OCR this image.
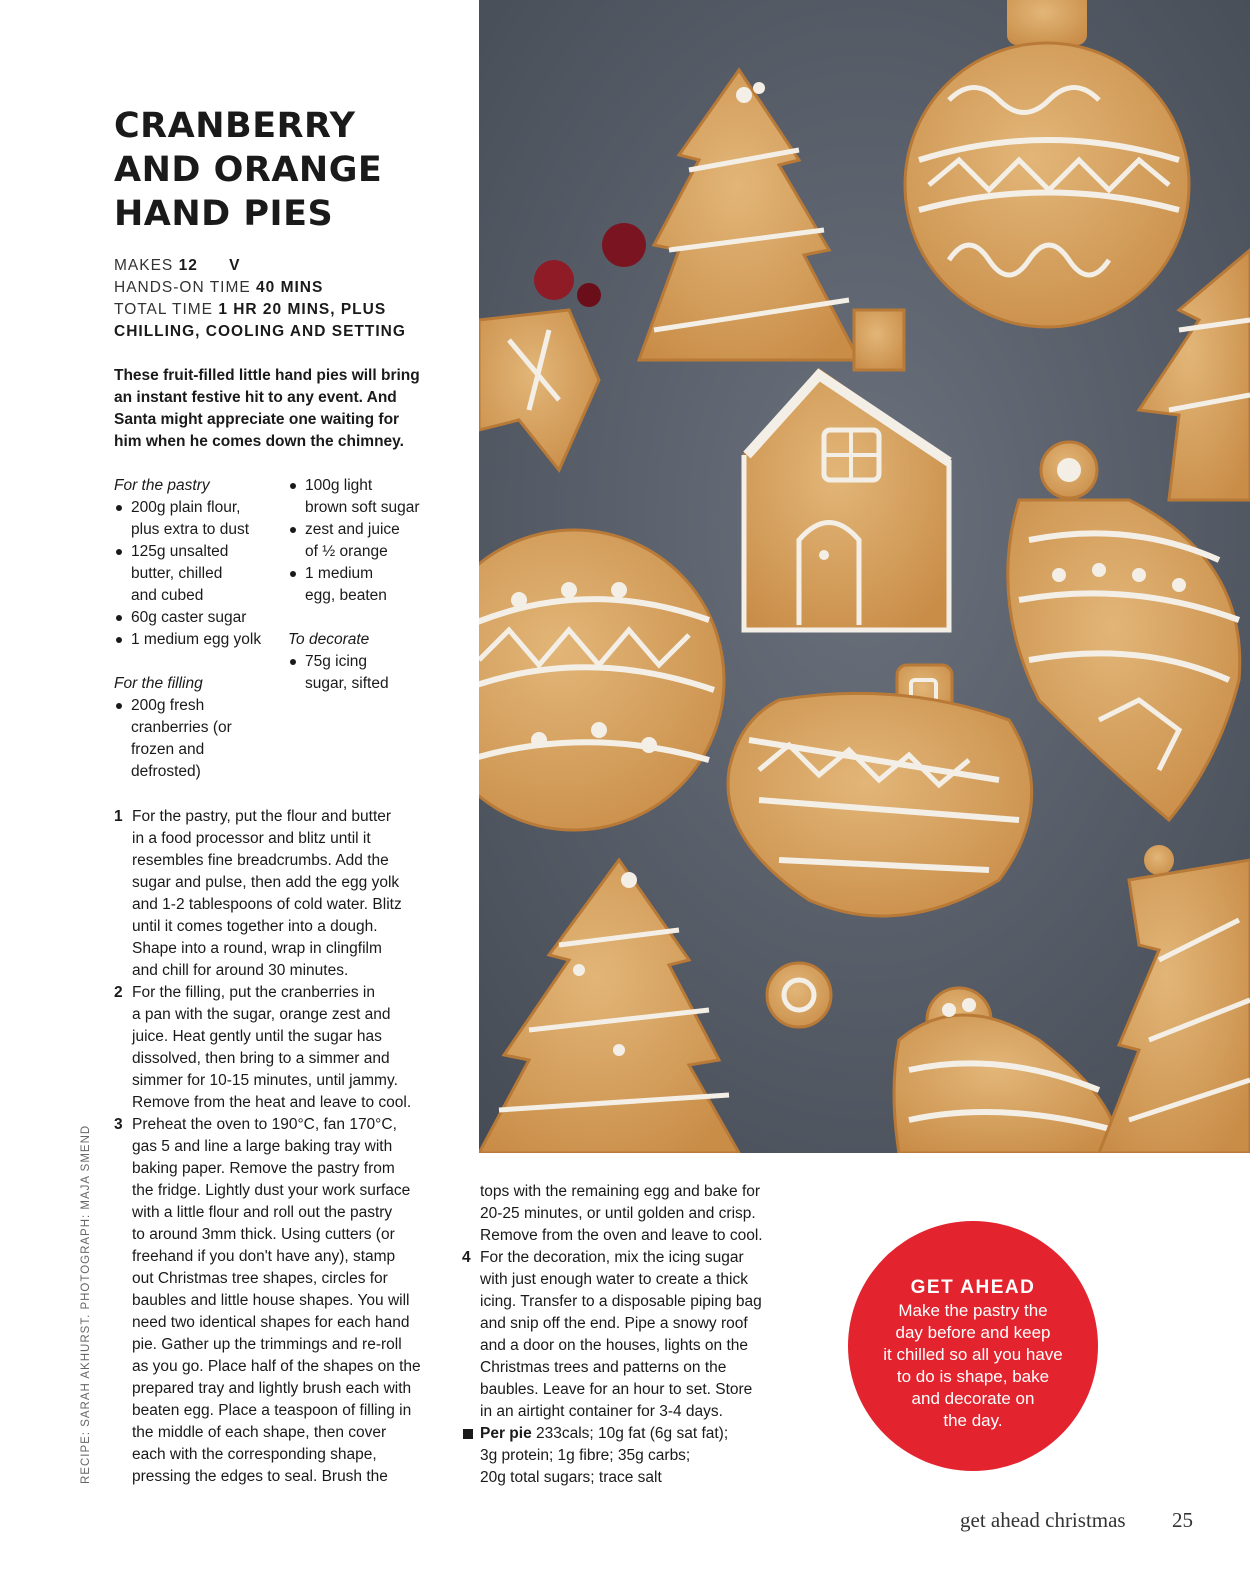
CRANBERRY
AND ORANGE
HAND PIES
MAKES 12 V
HANDS-ON TIME 40 MINS
TOTAL TIME 1 HR 20 MINS, PLUS
CHILLING, COOLING AND SETTING
These fruit-filled little hand pies will bring
an instant festive hit to any event. And
Santa might appreciate one waiting for
him when he comes down the chimney.
For the pastry
200g plain flour,
plus extra to dust
125g unsalted
butter, chilled
and cubed
60g caster sugar
1 medium egg yolk
For the filling
200g fresh
cranberries (or
frozen and
defrosted)
100g light
brown soft sugar
zest and juice
of ½ orange
1 medium
egg, beaten
To decorate
75g icing
sugar, sifted
1 For the pastry, put the flour and butter
in a food processor and blitz until it
resembles fine breadcrumbs. Add the
sugar and pulse, then add the egg yolk
and 1-2 tablespoons of cold water. Blitz
until it comes together into a dough.
Shape into a round, wrap in clingfilm
and chill for around 30 minutes.
2 For the filling, put the cranberries in
a pan with the sugar, orange zest and
juice. Heat gently until the sugar has
dissolved, then bring to a simmer and
simmer for 10-15 minutes, until jammy.
Remove from the heat and leave to cool.
3 Preheat the oven to 190°C, fan 170°C,
gas 5 and line a large baking tray with
baking paper. Remove the pastry from
the fridge. Lightly dust your work surface
with a little flour and roll out the pastry
to around 3mm thick. Using cutters (or
freehand if you don't have any), stamp
out Christmas tree shapes, circles for
baubles and little house shapes. You will
need two identical shapes for each hand
pie. Gather up the trimmings and re-roll
as you go. Place half of the shapes on the
prepared tray and lightly brush each with
beaten egg. Place a teaspoon of filling in
the middle of each shape, then cover
each with the corresponding shape,
pressing the edges to seal. Brush the
tops with the remaining egg and bake for
20-25 minutes, or until golden and crisp.
Remove from the oven and leave to cool.
4 For the decoration, mix the icing sugar
with just enough water to create a thick
icing. Transfer to a disposable piping bag
and snip off the end. Pipe a snowy roof
and a door on the houses, lights on the
Christmas trees and patterns on the
baubles. Leave for an hour to set. Store
in an airtight container for 3-4 days.
Per pie 233cals; 10g fat (6g sat fat);
3g protein; 1g fibre; 35g carbs;
20g total sugars; trace salt
RECIPE: SARAH AKHURST. PHOTOGRAPH: MAJA SMEND	GET AHEAD
Make the pastry the
day before and keep
it chilled so all you have
to do is shape, bake
and decorate on
the day.
get ahead christmas 25
